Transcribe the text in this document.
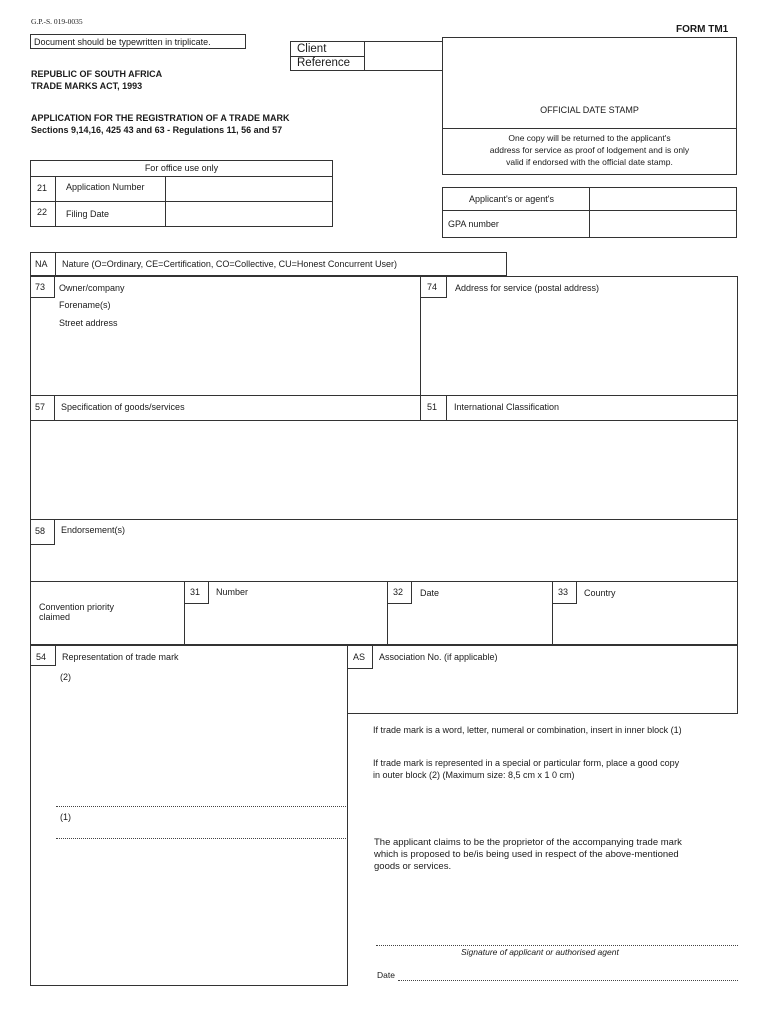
G.P.-S. 019-0035
FORM TM1
Document should be typewritten in triplicate.
REPUBLIC OF SOUTH AFRICA
TRADE MARKS ACT, 1993
APPLICATION FOR THE REGISTRATION OF A TRADE MARK
Sections 9,14,16, 425 43 and 63 - Regulations 11, 56 and 57
Client
Reference
OFFICIAL DATE STAMP
One copy will be returned to the applicant's
address for service as proof of lodgement and is only
valid if endorsed with the official date stamp.
For office use only
21 Application Number
22 Filing Date
Applicant's or agent's
GPA number
NA Nature (O=Ordinary, CE=Certification, CO=Collective, CU=Honest Concurrent User)
73 Owner/company
Forename(s)
Street address
74 Address for service (postal address)
57 Specification of goods/services	51 International Classification
58 Endorsement(s)
Convention priority
claimed
31 Number	32 Date	33 Country
54 Representation of trade mark
(2)
(1)
AS Association No. (if applicable)
If trade mark is a word, letter, numeral or combination, insert in inner block (1)
If trade mark is represented in a special or particular form, place a good copy
in outer block (2) (Maximum size: 8,5 cm x 1 0 cm)
The applicant claims to be the proprietor of the accompanying trade mark
which is proposed to be/is being used in respect of the above-mentioned
goods or services.
Signature of applicant or authorised agent
Date
